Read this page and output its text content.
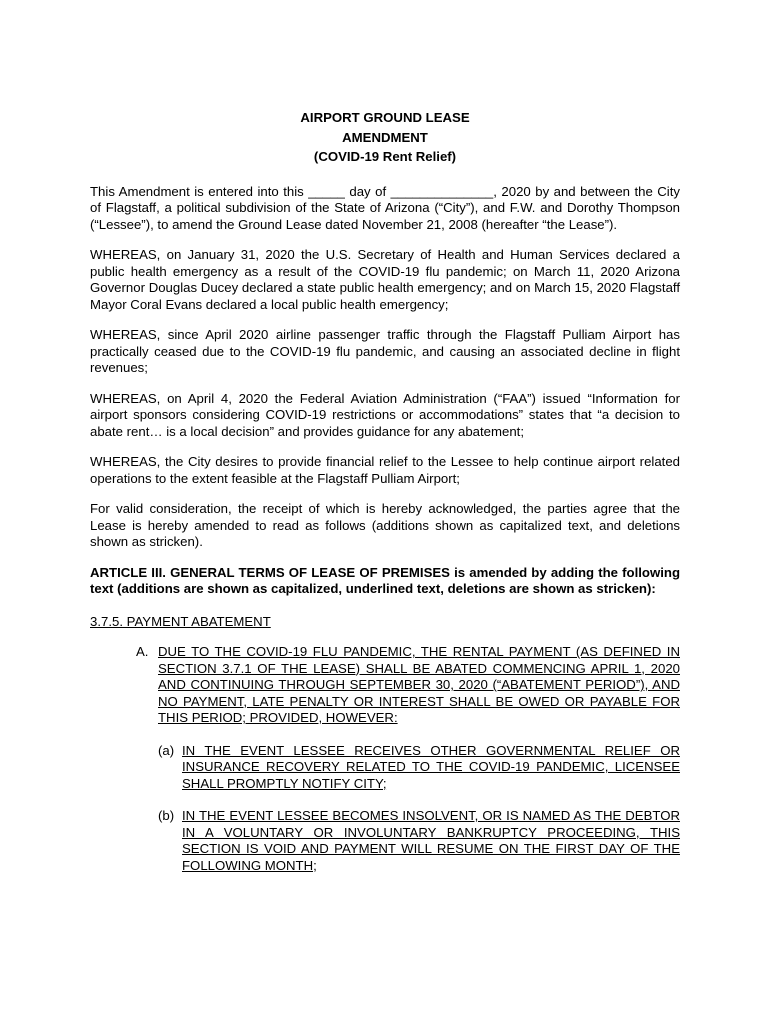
AIRPORT GROUND LEASE
AMENDMENT
(COVID-19 Rent Relief)

This Amendment is entered into this _____ day of ______________, 2020 by and between the City of Flagstaff, a political subdivision of the State of Arizona (“City”), and F.W. and Dorothy Thompson (“Lessee”), to amend the Ground Lease dated November 21, 2008 (hereafter “the Lease”).

WHEREAS, on January 31, 2020 the U.S. Secretary of Health and Human Services declared a public health emergency as a result of the COVID-19 flu pandemic; on March 11, 2020 Arizona Governor Douglas Ducey declared a state public health emergency; and on March 15, 2020 Flagstaff Mayor Coral Evans declared a local public health emergency;

WHEREAS, since April 2020 airline passenger traffic through the Flagstaff Pulliam Airport has practically ceased due to the COVID-19 flu pandemic, and causing an associated decline in flight revenues;

WHEREAS, on April 4, 2020 the Federal Aviation Administration (“FAA”) issued “Information for airport sponsors considering COVID-19 restrictions or accommodations” states that “a decision to abate rent… is a local decision” and provides guidance for any abatement;

WHEREAS, the City desires to provide financial relief to the Lessee to help continue airport related operations to the extent feasible at the Flagstaff Pulliam Airport;

For valid consideration, the receipt of which is hereby acknowledged, the parties agree that the Lease is hereby amended to read as follows (additions shown as capitalized text, and deletions shown as stricken).

ARTICLE III. GENERAL TERMS OF LEASE OF PREMISES is amended by adding the following text (additions are shown as capitalized, underlined text, deletions are shown as stricken):
3.7.5. PAYMENT ABATEMENT
A. DUE TO THE COVID-19 FLU PANDEMIC, THE RENTAL PAYMENT (AS DEFINED IN SECTION 3.7.1 OF THE LEASE) SHALL BE ABATED COMMENCING APRIL 1, 2020 AND CONTINUING THROUGH SEPTEMBER 30, 2020 (“ABATEMENT PERIOD”), AND NO PAYMENT, LATE PENALTY OR INTEREST SHALL BE OWED OR PAYABLE FOR THIS PERIOD; PROVIDED, HOWEVER:
(a) IN THE EVENT LESSEE RECEIVES OTHER GOVERNMENTAL RELIEF OR INSURANCE RECOVERY RELATED TO THE COVID-19 PANDEMIC, LICENSEE SHALL PROMPTLY NOTIFY CITY;
(b) IN THE EVENT LESSEE BECOMES INSOLVENT, OR IS NAMED AS THE DEBTOR IN A VOLUNTARY OR INVOLUNTARY BANKRUPTCY PROCEEDING, THIS SECTION IS VOID AND PAYMENT WILL RESUME ON THE FIRST DAY OF THE FOLLOWING MONTH;
